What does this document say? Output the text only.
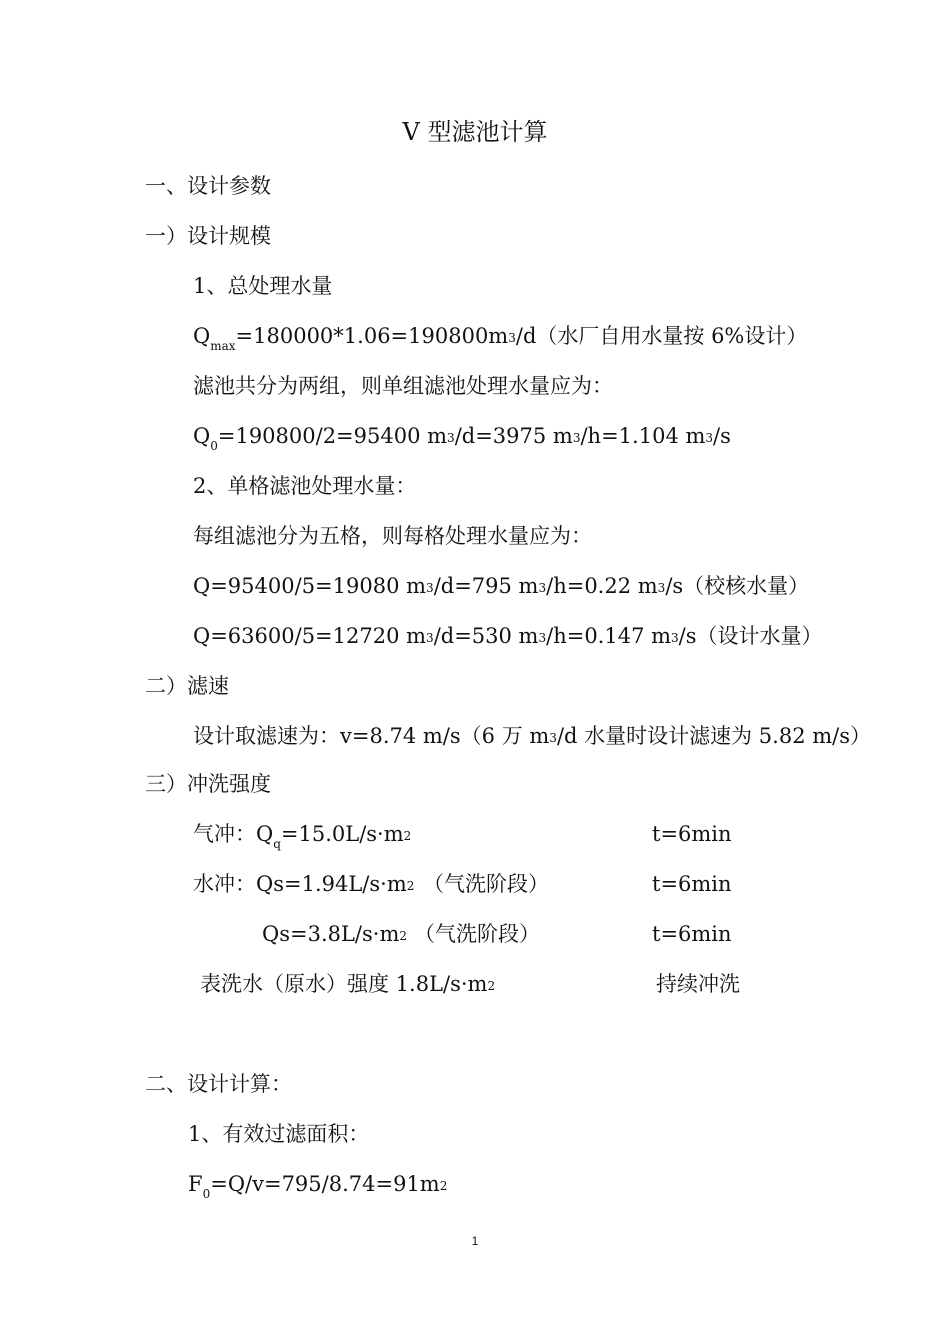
V 型滤池计算
一、设计参数
一）设计规模
1、总处理水量
$Q_{max}=180000*1.06=190800m3/d$（水厂自用水量按 6%设计）
滤池共分为两组，则单组滤池处理水量应为：
$Q_0=190800/2=95400$ m3/d=3975 m3/h=1.104 m3/s
2、单格滤池处理水量：
每组滤池分为五格，则每格处理水量应为：
Q=95400/5=19080 m3/d=795 m3/h=0.22 m3/s（校核水量）
Q=63600/5=12720 m3/d=530 m3/h=0.147 m3/s（设计水量）
二）滤速
设计取滤速为：v=8.74 m/s（6 万 m3/d 水量时设计滤速为 5.82 m/s）
三）冲洗强度
气冲：$Q_q=15.0L/s\cdot m2$	t=6min
水冲：Qs=1.94L/s·m2 （气洗阶段）	t=6min
Qs=3.8L/s·m2 （气洗阶段）	t=6min
表洗水（原水）强度 1.8L/s·m2	持续冲洗
二、设计计算：
1、有效过滤面积：
$F_0=Q/v=795/8.74=91m2$
1
